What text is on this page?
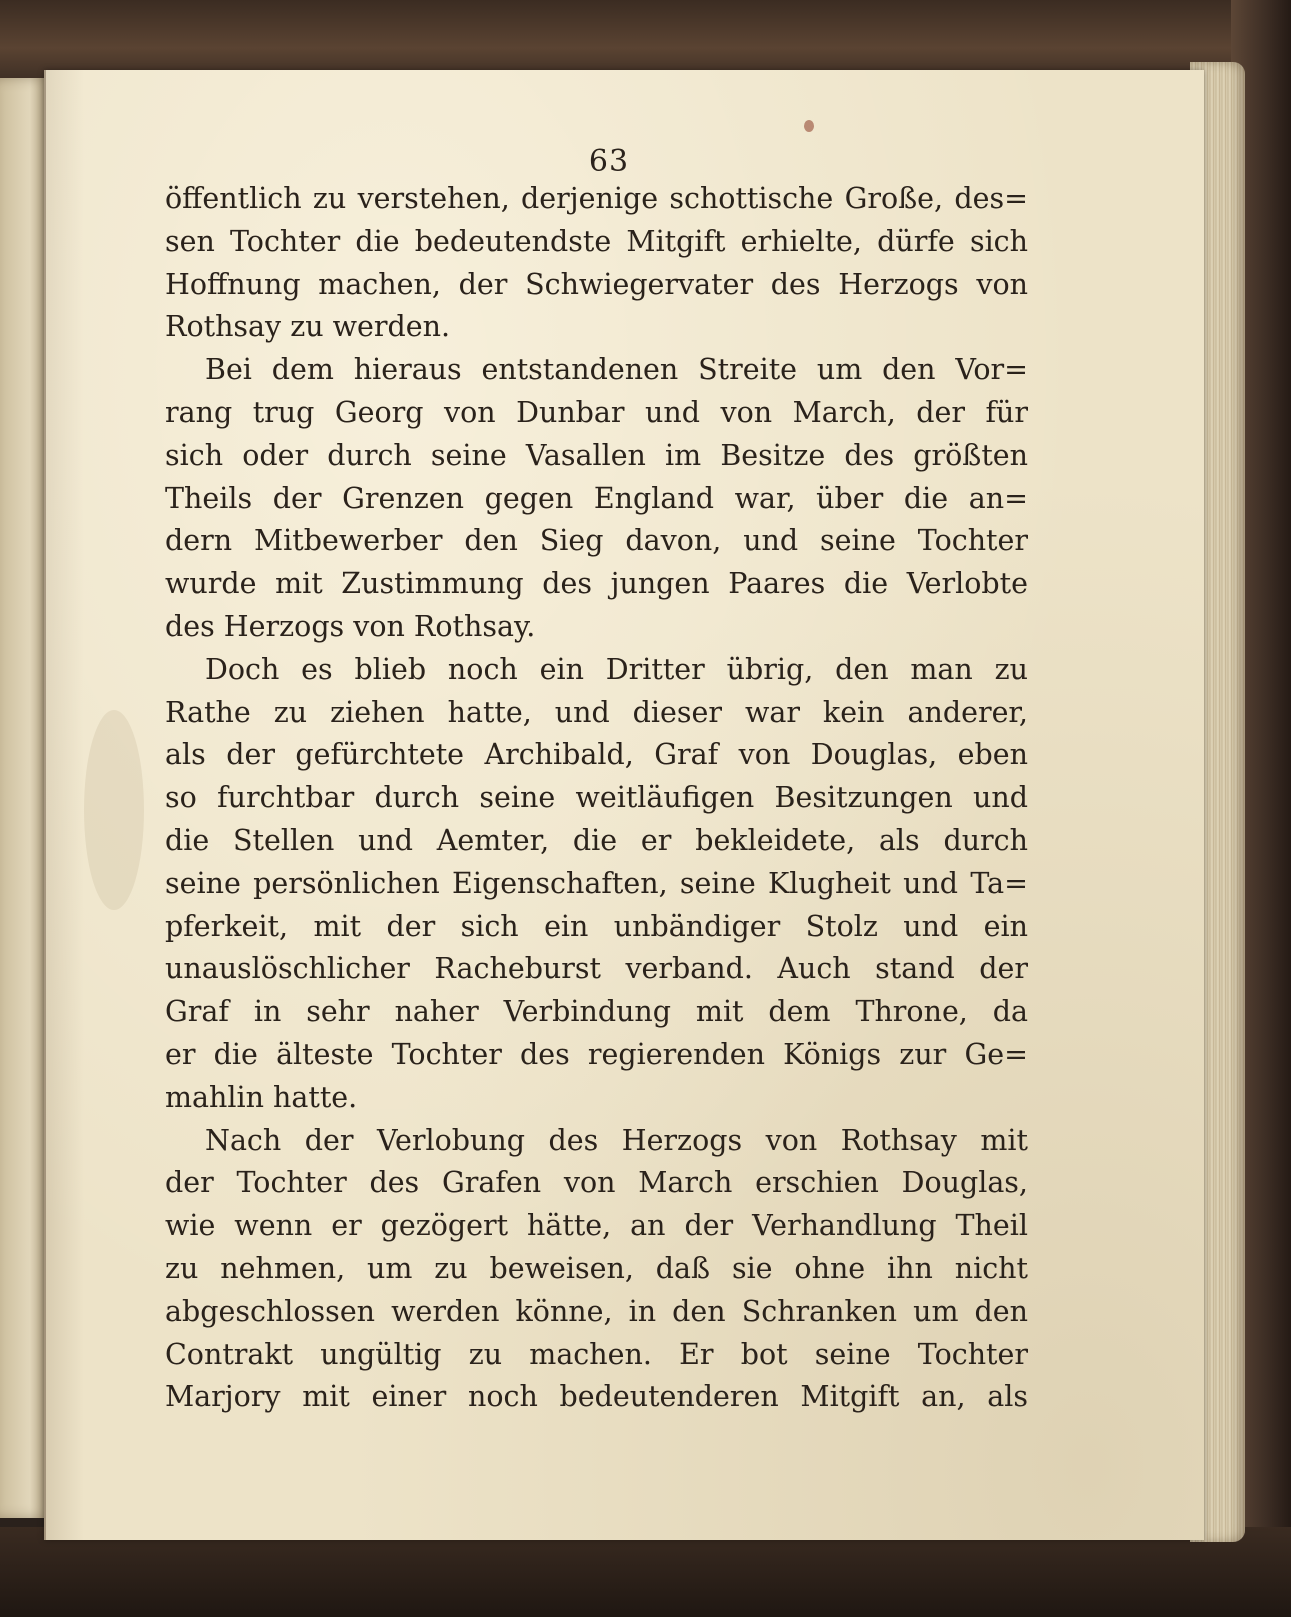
63
öffentlich zu verstehen, derjenige schottische Große, des=
sen Tochter die bedeutendste Mitgift erhielte, dürfe sich
Hoffnung machen, der Schwiegervater des Herzogs von
Rothsay zu werden.
Bei dem hieraus entstandenen Streite um den Vor=
rang trug Georg von Dunbar und von March, der für
sich oder durch seine Vasallen im Besitze des größten
Theils der Grenzen gegen England war, über die an=
dern Mitbewerber den Sieg davon, und seine Tochter
wurde mit Zustimmung des jungen Paares die Verlobte
des Herzogs von Rothsay.
Doch es blieb noch ein Dritter übrig, den man zu
Rathe zu ziehen hatte, und dieser war kein anderer,
als der gefürchtete Archibald, Graf von Douglas, eben
so furchtbar durch seine weitläufigen Besitzungen und
die Stellen und Aemter, die er bekleidete, als durch
seine persönlichen Eigenschaften, seine Klugheit und Ta=
pferkeit, mit der sich ein unbändiger Stolz und ein
unauslöschlicher Racheburst verband. Auch stand der
Graf in sehr naher Verbindung mit dem Throne, da
er die älteste Tochter des regierenden Königs zur Ge=
mahlin hatte.
Nach der Verlobung des Herzogs von Rothsay mit
der Tochter des Grafen von March erschien Douglas,
wie wenn er gezögert hätte, an der Verhandlung Theil
zu nehmen, um zu beweisen, daß sie ohne ihn nicht
abgeschlossen werden könne, in den Schranken um den
Contrakt ungültig zu machen. Er bot seine Tochter
Marjory mit einer noch bedeutenderen Mitgift an, als
